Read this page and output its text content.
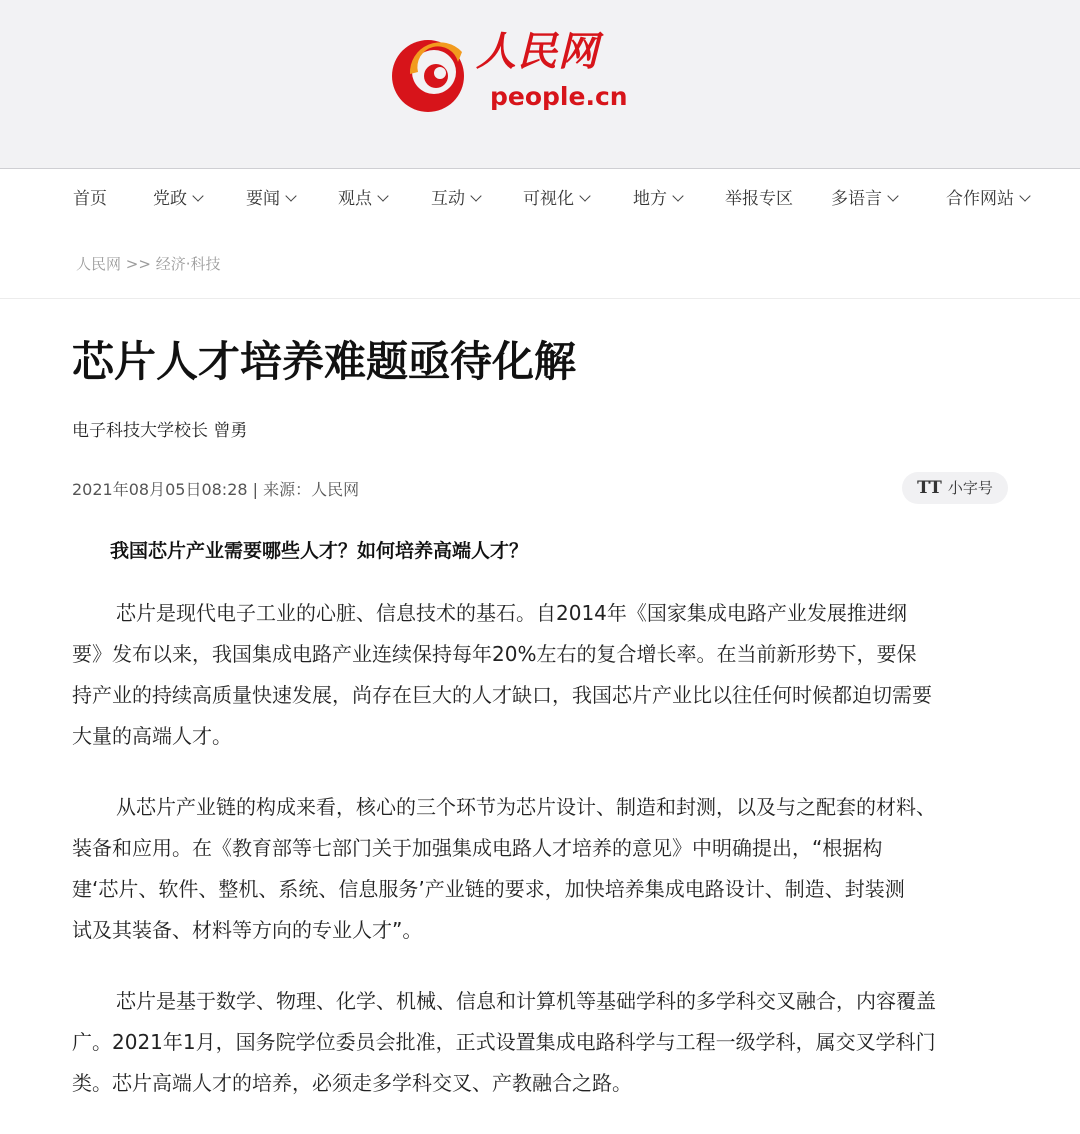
人民网
people.cn
首页	党政	要闻	观点	互动	可视化	地方	举报专区 多语言	合作网站
人民网 >> 经济·科技
芯片人才培养难题亟待化解
电子科技大学校长 曾勇
2021年08月05日08:28 | 来源：人民网	TT 小字号

我国芯片产业需要哪些人才？如何培养高端人才？

芯片是现代电子工业的心脏、信息技术的基石。自2014年《国家集成电路产业发展推进纲
要》发布以来，我国集成电路产业连续保持每年20%左右的复合增长率。在当前新形势下，要保
持产业的持续高质量快速发展，尚存在巨大的人才缺口，我国芯片产业比以往任何时候都迫切需要
大量的高端人才。

从芯片产业链的构成来看，核心的三个环节为芯片设计、制造和封测，以及与之配套的材料、
装备和应用。在《教育部等七部门关于加强集成电路人才培养的意见》中明确提出，“根据构
建‘芯片、软件、整机、系统、信息服务’产业链的要求，加快培养集成电路设计、制造、封装测
试及其装备、材料等方向的专业人才”。

芯片是基于数学、物理、化学、机械、信息和计算机等基础学科的多学科交叉融合，内容覆盖
广。2021年1月，国务院学位委员会批准，正式设置集成电路科学与工程一级学科，属交叉学科门
类。芯片高端人才的培养，必须走多学科交叉、产教融合之路。
